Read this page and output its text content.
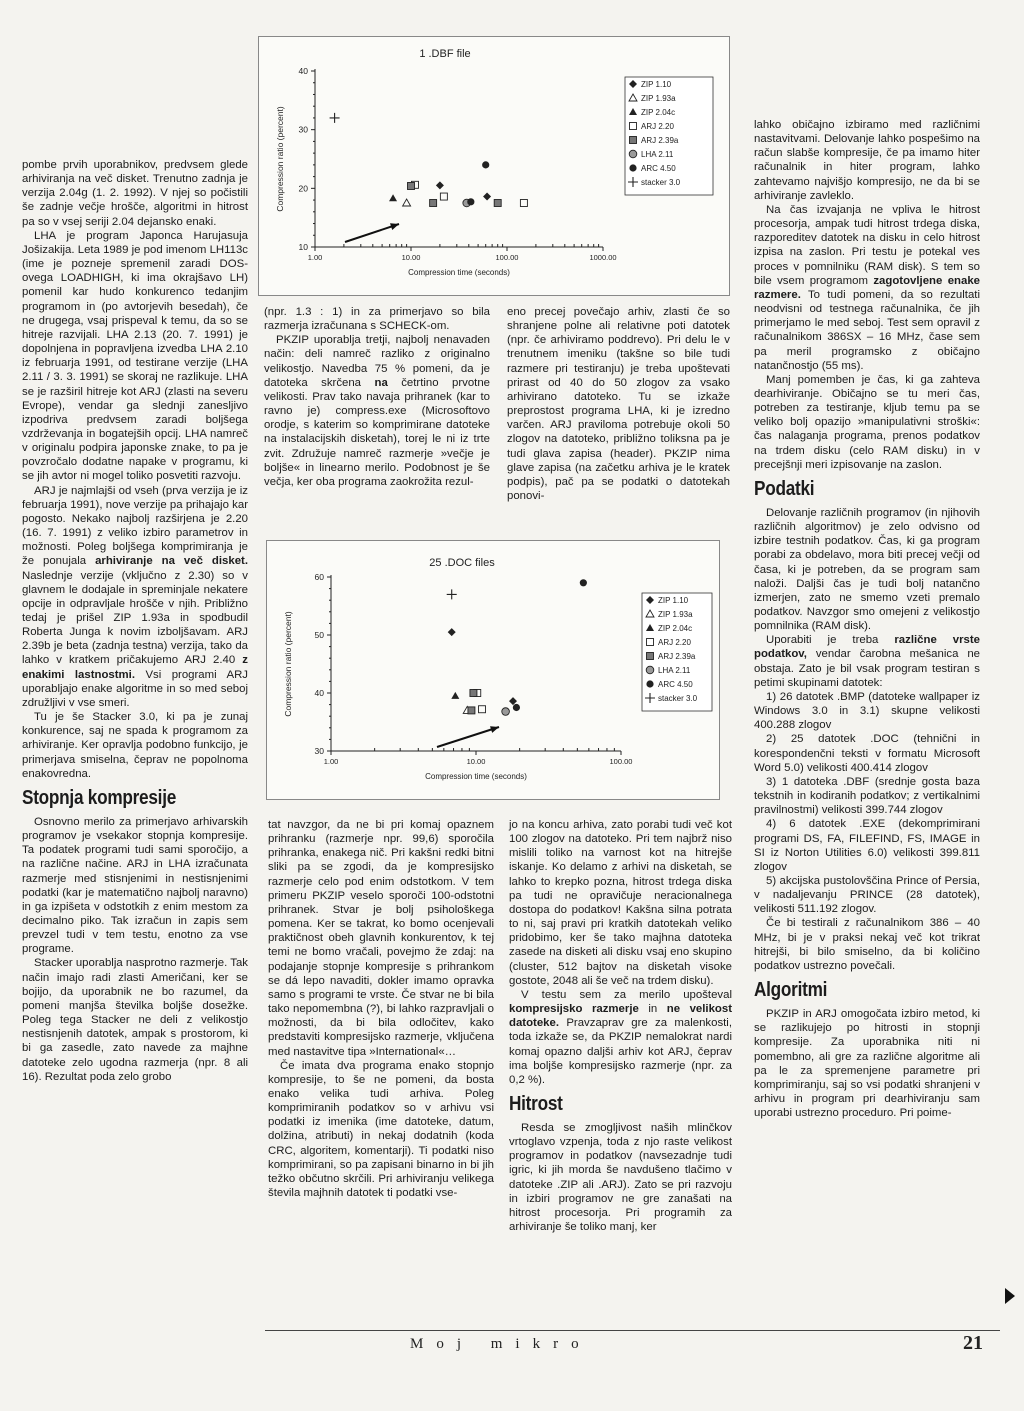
pombe prvih uporabnikov, predvsem glede arhiviranja na več disket. Trenutno zadnja je verzija 2.04g (1. 2. 1992). V njej so počistili še zadnje večje hrošče, algoritmi in hitrost pa so v vsej seriji 2.04 dejansko enaki.

LHA je program Japonca Harujasuja Jošizakija. Leta 1989 je pod imenom LH113c (ime je pozneje spremenil zaradi DOS-ovega LOADHIGH, ki ima okrajšavo LH) pomenil kar hudo konkurenco tedanjim programom in (po avtorjevih besedah), če ne drugega, vsaj prispeval k temu, da so se hitreje razvijali. LHA 2.13 (20. 7. 1991) je dopolnjena in popravljena izvedba LHA 2.10 iz februarja 1991, od testirane verzije (LHA 2.11 / 3. 3. 1991) se skoraj ne razlikuje. LHA se je razširil hitreje kot ARJ (zlasti na severu Evrope), vendar ga slednji zanesljivo izpodriva predvsem zaradi boljšega vzdrževanja in bogatejših opcij. LHA namreč v originalu podpira japonske znake, to pa je povzročalo dodatne napake v programu, ki se jih avtor ni mogel toliko posvetiti razvoju.

ARJ je najmlajši od vseh (prva verzija je iz februarja 1991), nove verzije pa prihajajo kar pogosto. Nekako najbolj razširjena je 2.20 (16. 7. 1991) z veliko izbiro parametrov in možnosti. Poleg boljšega komprimiranja je že ponujala arhiviranje na več disket. Naslednje verzije (vključno z 2.30) so v glavnem le dodajale in spreminjale nekatere opcije in odpravljale hrošče v njih. Približno tedaj je prišel ZIP 1.93a in spodbudil Roberta Junga k novim izboljšavam. ARJ 2.39b je beta (zadnja testna) verzija, tako da lahko v kratkem pričakujemo ARJ 2.40 z enakimi lastnostmi. Vsi programi ARJ uporabljajo enake algoritme in so med seboj združljivi v vse smeri.

Tu je še Stacker 3.0, ki pa je zunaj konkurence, saj ne spada k programom za arhiviranje. Ker opravlja podobno funkcijo, je primerjava smiselna, čeprav ne popolnoma enakovredna.

Stopnja kompresije

Osnovno merilo za primerjavo arhivarskih programov je vsekakor stopnja kompresije. Ta podatek programi tudi sami sporočijo, a na različne načine. ARJ in LHA izračunata razmerje med stisnjenimi in nestisnjenimi podatki (kar je matematično najbolj naravno) in ga izpišeta v odstotkih z enim mestom za decimalno piko. Tak izračun in zapis sem prevzel tudi v tem testu, enotno za vse programe.

Stacker uporablja nasprotno razmerje. Tak način imajo radi zlasti Američani, ker se bojijo, da uporabnik ne bo razumel, da pomeni manjša številka boljše dosežke. Poleg tega Stacker ne deli z velikostjo nestisnjenih datotek, ampak s prostorom, ki bi ga zasedle, zato navede za majhne datoteke zelo ugodna razmerja (npr. 8 ali 16). Rezultat poda zelo grobo

1 .DBF file
10
20
30
40
1.00	10.00	100.00	1000.00
Compression time (seconds)
Compression ratio (percent)
ZIP 1.10
ZIP 1.93a
ZIP 2.04c
ARJ 2.20
ARJ 2.39a
LHA 2.11
ARC 4.50
stacker 3.0

(npr. 1.3 : 1) in za primerjavo so bila razmerja izračunana s SCHECK-om.

PKZIP uporablja tretji, najbolj nenavaden način: deli namreč razliko z originalno velikostjo. Navedba 75 % pomeni, da je datoteka skrčena na četrtino prvotne velikosti. Prav tako navaja prihranek (kar to ravno je) compress.exe (Microsoftovo orodje, s katerim so komprimirane datoteke na instalacijskih disketah), torej le ni iz trte zvit. Združuje namreč razmerje »večje je boljše« in linearno merilo. Podobnost je še večja, ker oba programa zaokrožita rezul-

eno precej povečajo arhiv, zlasti če so shranjene polne ali relativne poti datotek (npr. če arhiviramo poddrevo). Pri delu le v trenutnem imeniku (takšne so bile tudi razmere pri testiranju) je treba upoštevati prirast od 40 do 50 zlogov za vsako arhivirano datoteko. Tu se izkaže preprostost programa LHA, ki je izredno varčen. ARJ praviloma potrebuje okoli 50 zlogov na datoteko, približno toliksna pa je tudi glava zapisa (header). PKZIP nima glave zapisa (na začetku arhiva je le kratek podpis), pač pa se podatki o datotekah ponovi-

25 .DOC files
30
40
50
60
1.00	10.00	100.00
Compression time (seconds)
Compression ratio (percent)
ZIP 1.10
ZIP 1.93a
ZIP 2.04c
ARJ 2.20
ARJ 2.39a
LHA 2.11
ARC 4.50
stacker 3.0

tat navzgor, da ne bi pri komaj opaznem prihranku (razmerje npr. 99,6) sporočila prihranka, enakega nič. Pri kakšni redki bitni sliki pa se zgodi, da je kompresijsko razmerje celo pod enim odstotkom. V tem primeru PKZIP veselo sporoči 100-odstotni prihranek. Stvar je bolj psihološkega pomena. Ker se takrat, ko bomo ocenjevali praktičnost obeh glavnih konkurentov, k tej temi ne bomo vračali, povejmo že zdaj: na podajanje stopnje kompresije s prihrankom se dá lepo navaditi, dokler imamo opravka samo s programi te vrste. Če stvar ne bi bila tako nepomembna (?), bi lahko razpravljali o možnosti, da bi bila odločitev, kako predstaviti kompresijsko razmerje, vključena med nastavitve tipa »International«…

Če imata dva programa enako stopnjo kompresije, to še ne pomeni, da bosta enako velika tudi arhiva. Poleg komprimiranih podatkov so v arhivu vsi podatki iz imenika (ime datoteke, datum, dolžina, atributi) in nekaj dodatnih (koda CRC, algoritem, komentarji). Ti podatki niso komprimirani, so pa zapisani binarno in bi jih težko občutno skrčili. Pri arhiviranju velikega števila majhnih datotek ti podatki vse-

jo na koncu arhiva, zato porabi tudi več kot 100 zlogov na datoteko. Pri tem najbrž niso mislili toliko na varnost kot na hitrejše iskanje. Ko delamo z arhivi na disketah, se lahko to krepko pozna, hitrost trdega diska pa tudi ne opravičuje neracionalnega dostopa do podatkov! Kakšna silna potrata to ni, saj pravi pri kratkih datotekah veliko pridobimo, ker še tako majhna datoteka zasede na disketi ali disku vsaj eno skupino (cluster, 512 bajtov na disketah visoke gostote, 2048 ali še več na trdem disku).

V testu sem za merilo upošteval kompresijsko razmerje in ne velikost datoteke. Pravzaprav gre za malenkosti, toda izkaže se, da PKZIP nemalokrat nardi komaj opazno daljši arhiv kot ARJ, čeprav ima boljše kompresijsko razmerje (npr. za 0,2 %).

Hitrost

Resda se zmogljivost naših mlinčkov vrtoglavo vzpenja, toda z njo raste velikost programov in podatkov (navsezadnje tudi igric, ki jih morda še navdušeno tlačimo v datoteke .ZIP ali .ARJ). Zato se pri razvoju in izbiri programov ne gre zanašati na hitrost procesorja. Pri programih za arhiviranje še toliko manj, ker

lahko običajno izbiramo med različnimi nastavitvami. Delovanje lahko pospešimo na račun slabše kompresije, če pa imamo hiter računalnik in hiter program, lahko zahtevamo najvišjo kompresijo, ne da bi se arhiviranje zavleklo.

Na čas izvajanja ne vpliva le hitrost procesorja, ampak tudi hitrost trdega diska, razporeditev datotek na disku in celo hitrost izpisa na zaslon. Pri testu je potekal ves proces v pomnilniku (RAM disk). S tem so bile vsem programom zagotovljene enake razmere. To tudi pomeni, da so rezultati neodvisni od testnega računalnika, če jih primerjamo le med seboj. Test sem opravil z računalnikom 386SX – 16 MHz, čase sem pa meril programsko z običajno natančnostjo (55 ms).

Manj pomemben je čas, ki ga zahteva dearhiviranje. Običajno se tu meri čas, potreben za testiranje, kljub temu pa se veliko bolj opazijo »manipulativni stroški«: čas nalaganja programa, prenos podatkov na trdem disku (celo RAM disku) in v precejšnji meri izpisovanje na zaslon.

Podatki

Delovanje različnih programov (in njihovih različnih algoritmov) je zelo odvisno od izbire testnih podatkov. Čas, ki ga program porabi za obdelavo, mora biti precej večji od časa, ki je potreben, da se program sam naloži. Daljši čas je tudi bolj natančno izmerjen, zato ne smemo vzeti premalo podatkov. Navzgor smo omejeni z velikostjo pomnilnika (RAM disk).

Uporabiti je treba različne vrste podatkov, vendar čarobna mešanica ne obstaja. Zato je bil vsak program testiran s petimi skupinami datotek:

1) 26 datotek .BMP (datoteke wallpaper iz Windows 3.0 in 3.1) skupne velikosti 400.288 zlogov

2) 25 datotek .DOC (tehnični in korespondenčni teksti v formatu Microsoft Word 5.0) velikosti 400.414 zlogov

3) 1 datoteka .DBF (srednje gosta baza tekstnih in kodiranih podatkov; z vertikalnimi pravilnostmi) velikosti 399.744 zlogov

4) 6 datotek .EXE (dekomprimirani programi DS, FA, FILEFIND, FS, IMAGE in SI iz Norton Utilities 6.0) velikosti 399.811 zlogov

5) akcijska pustolovščina Prince of Persia, v nadaljevanju PRINCE (28 datotek), velikosti 511.192 zlogov.

Če bi testirali z računalnikom 386 – 40 MHz, bi je v praksi nekaj več kot trikrat hitrejši, bi bilo smiselno, da bi količino podatkov ustrezno povečali.

Algoritmi

PKZIP in ARJ omogočata izbiro metod, ki se razlikujejo po hitrosti in stopnji kompresije. Za uporabnika niti ni pomembno, ali gre za različne algoritme ali pa le za spremenjene parametre pri komprimiranju, saj so vsi podatki shranjeni v arhivu in program pri dearhiviranju sam uporabi ustrezno proceduro. Pri poime-

Moj mikro	21
